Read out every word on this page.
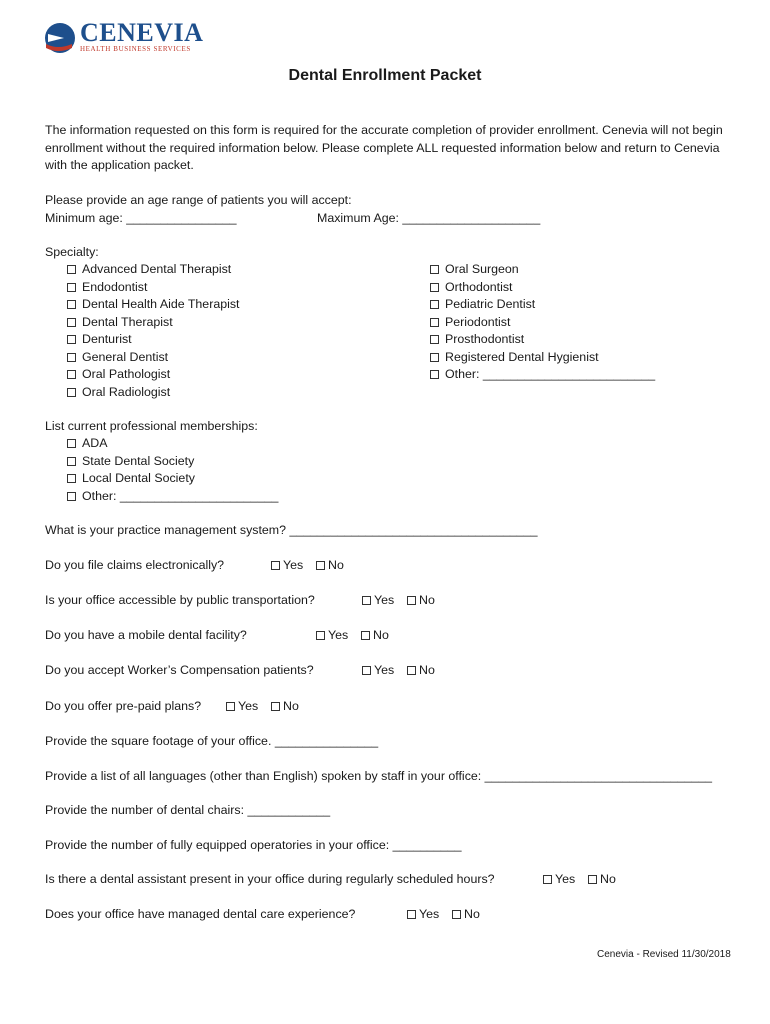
CENEVIA
HEALTH BUSINESS SERVICES
Dental Enrollment Packet
The information requested on this form is required for the accurate completion of provider enrollment. Cenevia will not begin enrollment without the required information below. Please complete ALL requested information below and return to Cenevia with the application packet.
Please provide an age range of patients you will accept:
Minimum age: ________________	Maximum Age: ____________________
Specialty:
Advanced Dental Therapist
Endodontist
Dental Health Aide Therapist
Dental Therapist
Denturist
General Dentist
Oral Pathologist
Oral Radiologist
Oral Surgeon
Orthodontist
Pediatric Dentist
Periodontist
Prosthodontist
Registered Dental Hygienist
Other: _________________________
List current professional memberships:
ADA
State Dental Society
Local Dental Society
Other: _______________________
What is your practice management system? ____________________________________
Do you file claims electronically?	Yes	No
Is your office accessible by public transportation?	Yes	No
Do you have a mobile dental facility?	Yes	No
Do you accept Worker’s Compensation patients?	Yes	No
Do you offer pre-paid plans?	Yes	No
Provide the square footage of your office. _______________
Provide a list of all languages (other than English) spoken by staff in your office: _________________________________
Provide the number of dental chairs: ____________
Provide the number of fully equipped operatories in your office: __________
Is there a dental assistant present in your office during regularly scheduled hours?	Yes	No
Does your office have managed dental care experience?	Yes	No
Cenevia - Revised 11/30/2018
